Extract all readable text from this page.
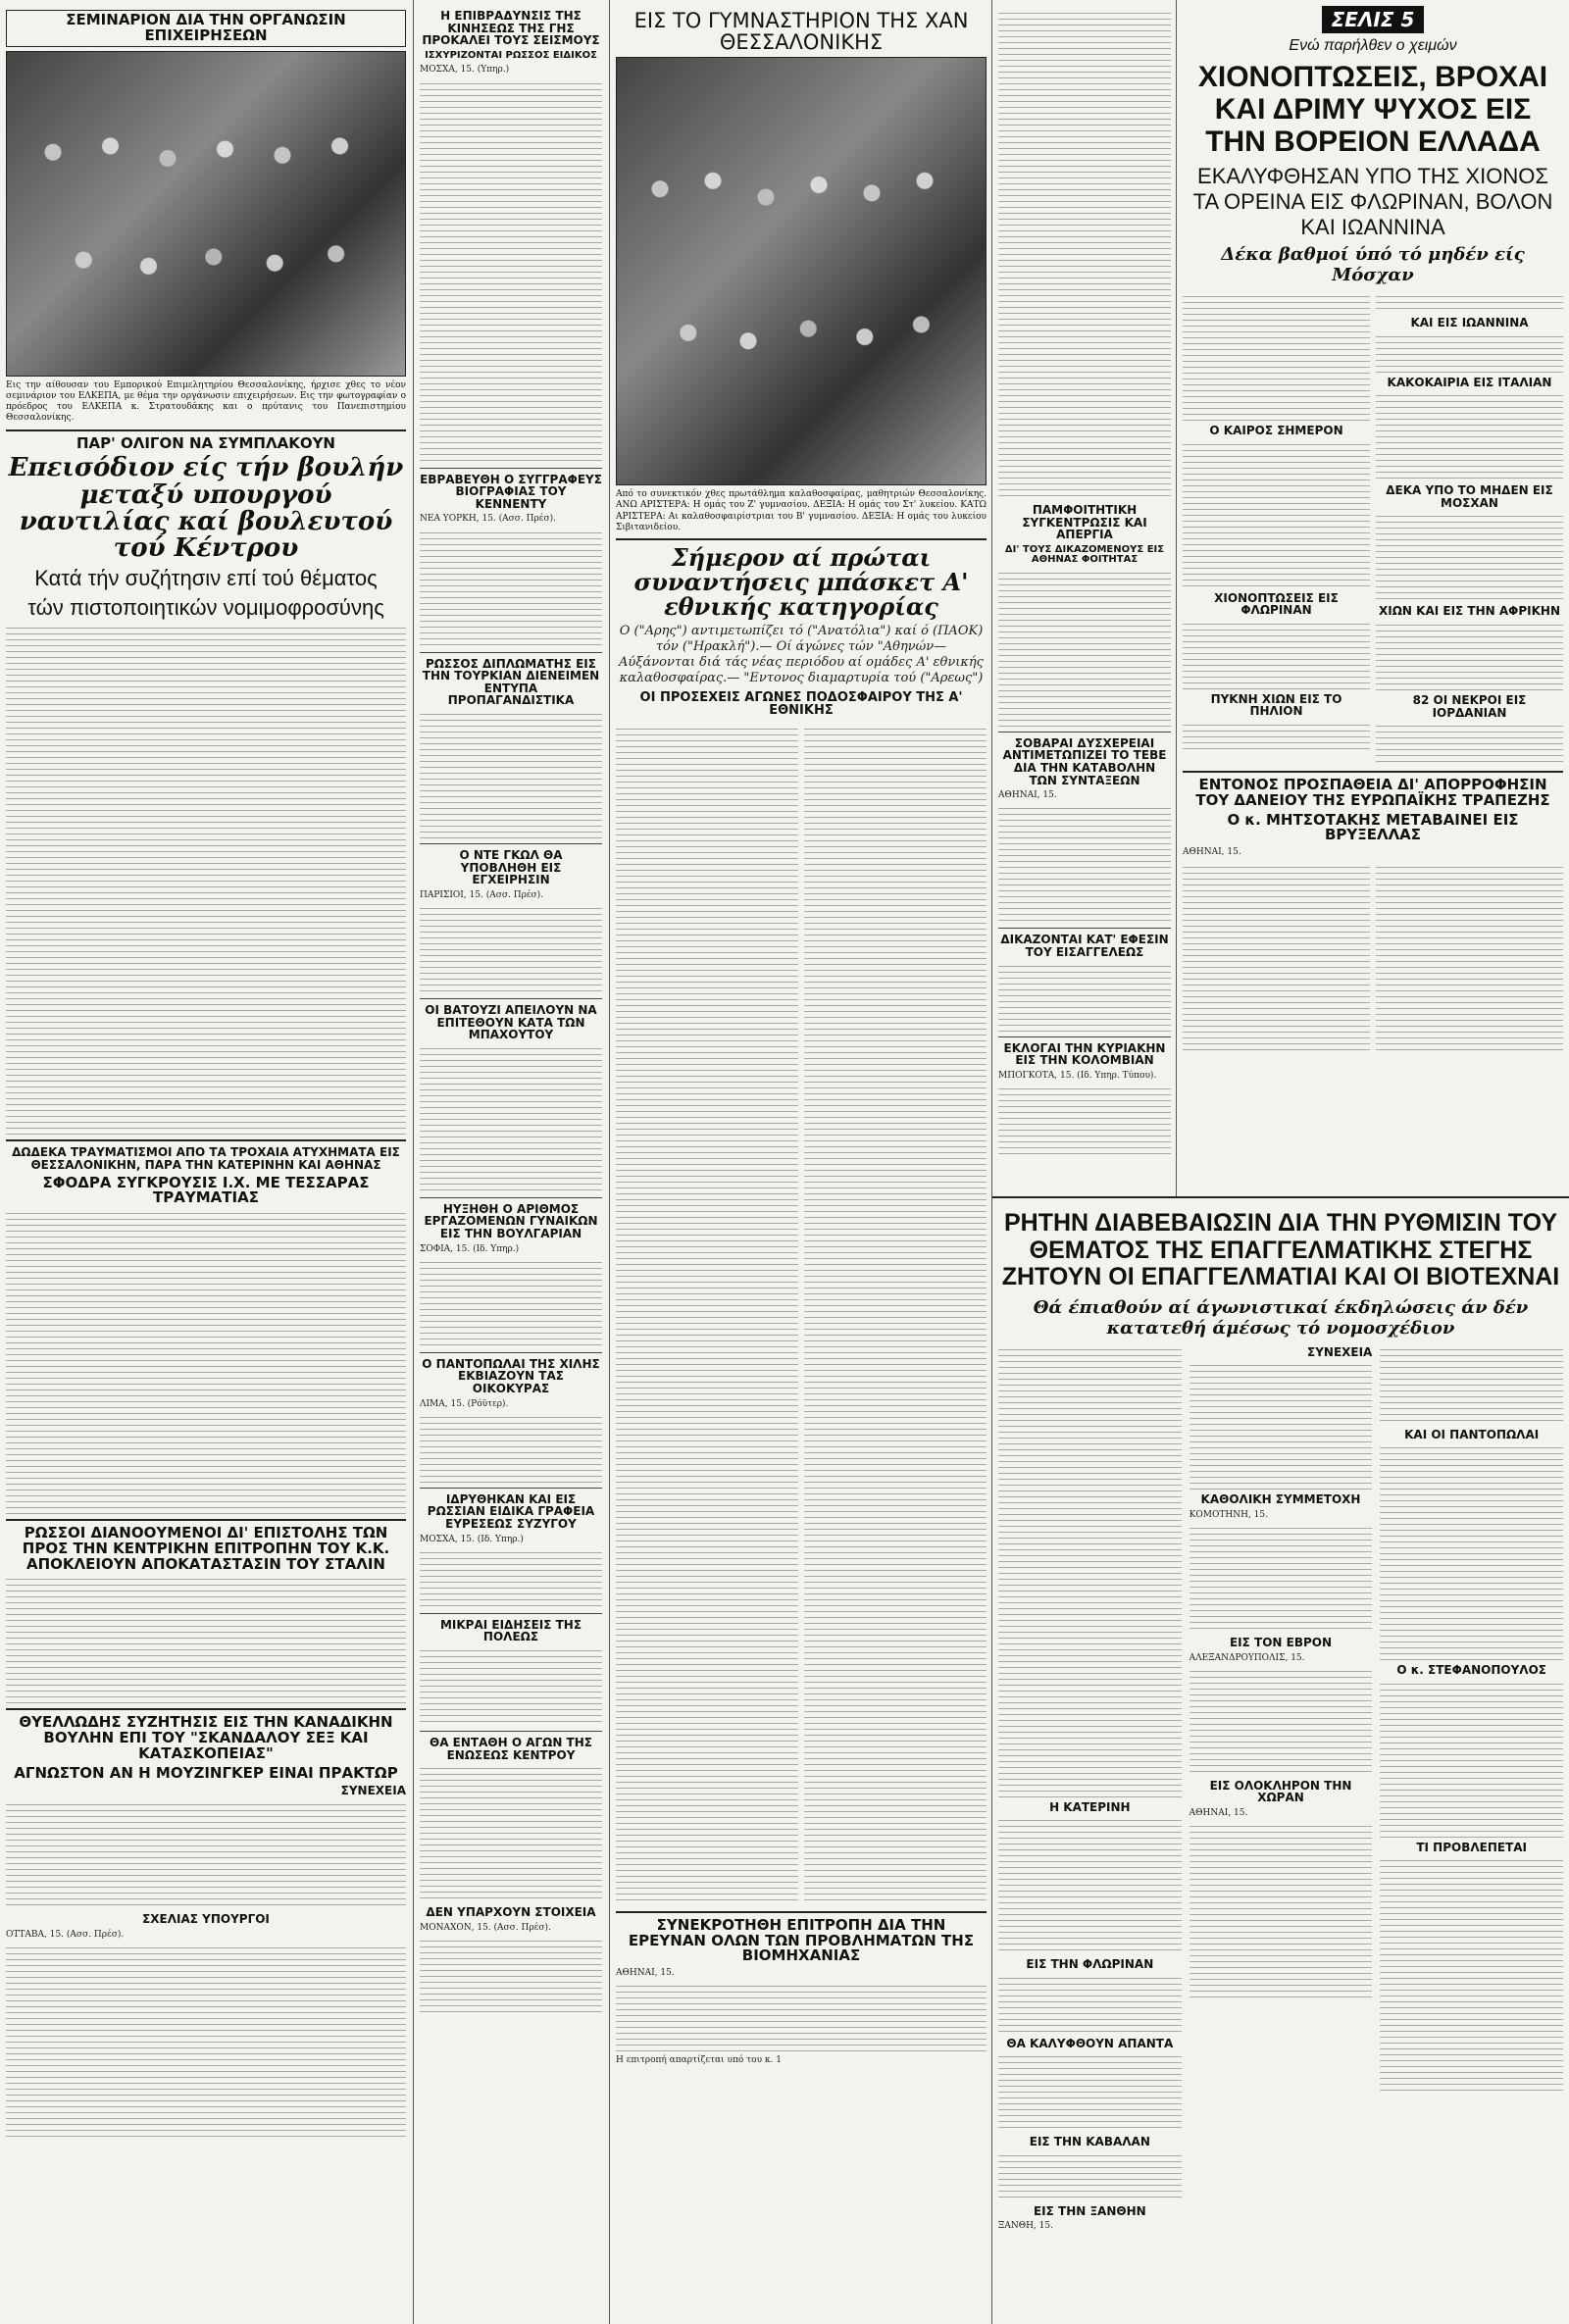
ΣΕΜΙΝΑΡΙΟΝ ΔΙΑ ΤΗΝ ΟΡΓΑΝΩΣΙΝ ΕΠΙΧΕΙΡΗΣΕΩΝ
Εις την αίθουσαν του Εμπορικού Επιμελητηρίου Θεσσαλονίκης, ήρχισε χθες το νέον σεμινάριον του ΕΛΚΕΠΑ, με θέμα την οργάνωσιν επιχειρήσεων. Εις την φωτογραφίαν ο πρόεδρος του ΕΛΚΕΠΑ κ. Στρατουδάκης και ο πρύτανις του Πανεπιστημίου Θεσσαλονίκης.
ΠΑΡ' ΟΛΙΓΟΝ ΝΑ ΣΥΜΠΛΑΚΟΥΝ
Επεισόδιον είς τήν βουλήν μεταξύ υπουργού ναυτιλίας καί βουλευτού τού Κέντρου
Κατά τήν συζήτησιν επί τού θέματος
τών πιστοποιητικών νομιμοφροσύνης
ΔΩΔΕΚΑ ΤΡΑΥΜΑΤΙΣΜΟΙ ΑΠΟ ΤΑ ΤΡΟΧΑΙΑ ΑΤΥΧΗΜΑΤΑ ΕΙΣ ΘΕΣΣΑΛΟΝΙΚΗΝ, ΠΑΡΑ ΤΗΝ ΚΑΤΕΡΙΝΗΝ ΚΑΙ ΑΘΗΝΑΣ
ΣΦΟΔΡΑ ΣΥΓΚΡΟΥΣΙΣ Ι.Χ. ΜΕ ΤΕΣΣΑΡΑΣ ΤΡΑΥΜΑΤΙΑΣ
ΡΩΣΣΟΙ ΔΙΑΝΟΟΥΜΕΝΟΙ ΔΙ' ΕΠΙΣΤΟΛΗΣ ΤΩΝ ΠΡΟΣ ΤΗΝ ΚΕΝΤΡΙΚΗΝ ΕΠΙΤΡΟΠΗΝ ΤΟΥ Κ.Κ. ΑΠΟΚΛΕΙΟΥΝ ΑΠΟΚΑΤΑΣΤΑΣΙΝ ΤΟΥ ΣΤΑΛΙΝ
ΘΥΕΛΛΩΔΗΣ ΣΥΖΗΤΗΣΙΣ ΕΙΣ ΤΗΝ ΚΑΝΑΔΙΚΗΝ ΒΟΥΛΗΝ ΕΠΙ ΤΟΥ "ΣΚΑΝΔΑΛΟΥ ΣΕΞ ΚΑΙ ΚΑΤΑΣΚΟΠΕΙΑΣ"
ΑΓΝΩΣΤΟΝ ΑΝ Η ΜΟΥΖΙΝΓΚΕΡ ΕΙΝΑΙ ΠΡΑΚΤΩΡ
ΣΥΝΕΧΕΙΑ
ΣΧΕΛΙΑΣ ΥΠΟΥΡΓΟΙ
ΟΤΤΑΒΑ, 15. (Ασσ. Πρέσ).
Η ΕΠΙΒΡΑΔΥΝΣΙΣ ΤΗΣ ΚΙΝΗΣΕΩΣ ΤΗΣ ΓΗΣ ΠΡΟΚΑΛΕΙ ΤΟΥΣ ΣΕΙΣΜΟΥΣ
ΙΣΧΥΡΙΖΟΝΤΑΙ ΡΩΣΣΟΣ ΕΙΔΙΚΟΣ
ΜΟΣΧΑ, 15. (Υπηρ.)
ΕΒΡΑΒΕΥΘΗ Ο ΣΥΓΓΡΑΦΕΥΣ ΒΙΟΓΡΑΦΙΑΣ ΤΟΥ ΚΕΝΝΕΝΤΥ
ΝΕΑ ΥΟΡΚΗ, 15. (Ασσ. Πρέσ).
ΡΩΣΣΟΣ ΔΙΠΛΩΜΑΤΗΣ ΕΙΣ ΤΗΝ ΤΟΥΡΚΙΑΝ ΔΙΕΝΕΙΜΕΝ ΕΝΤΥΠΑ ΠΡΟΠΑΓΑΝΔΙΣΤΙΚΑ
Ο ΝΤΕ ΓΚΩΛ ΘΑ ΥΠΟΒΛΗΘΗ ΕΙΣ ΕΓΧΕΙΡΗΣΙΝ
ΠΑΡΙΣΙΟΙ, 15. (Ασσ. Πρέσ).
ΟΙ ΒΑΤΟΥΖΙ ΑΠΕΙΛΟΥΝ ΝΑ ΕΠΙΤΕΘΟΥΝ ΚΑΤΑ ΤΩΝ ΜΠΑΧΟΥΤΟΥ
ΗΥΞΗΘΗ Ο ΑΡΙΘΜΟΣ ΕΡΓΑΖΟΜΕΝΩΝ ΓΥΝΑΙΚΩΝ ΕΙΣ ΤΗΝ ΒΟΥΛΓΑΡΙΑΝ
ΣΟΦΙΑ, 15. (Ιδ. Υπηρ.)
Ο ΠΑΝΤΟΠΩΛΑΙ ΤΗΣ ΧΙΛΗΣ ΕΚΒΙΑΖΟΥΝ ΤΑΣ ΟΙΚΟΚΥΡΑΣ
ΛΙΜΑ, 15. (Ρόϋτερ).
ΙΔΡΥΘΗΚΑΝ ΚΑΙ ΕΙΣ ΡΩΣΣΙΑΝ ΕΙΔΙΚΑ ΓΡΑΦΕΙΑ ΕΥΡΕΣΕΩΣ ΣΥΖΥΓΟΥ
ΜΟΣΧΑ, 15. (Ιδ. Υπηρ.)
ΜΙΚΡΑΙ ΕΙΔΗΣΕΙΣ ΤΗΣ ΠΟΛΕΩΣ
ΘΑ ΕΝΤΑΘΗ Ο ΑΓΩΝ ΤΗΣ ΕΝΩΣΕΩΣ ΚΕΝΤΡΟΥ
ΔΕΝ ΥΠΑΡΧΟΥΝ ΣΤΟΙΧΕΙΑ
ΜΟΝΑΧΟΝ, 15. (Ασσ. Πρέσ).
ΕΙΣ ΤΟ ΓΥΜΝΑΣΤΗΡΙΟΝ ΤΗΣ ΧΑΝ ΘΕΣΣΑΛΟΝΙΚΗΣ
Από το συνεκτικόν χθες πρωτάθλημα καλαθοσφαίρας, μαθητριών Θεσσαλονίκης. ΑΝΩ ΑΡΙΣΤΕΡΑ: Η ομάς του Ζ' γυμνασίου. ΔΕΞΙΑ: Η ομάς του Στ' λυκείου. ΚΑΤΩ ΑΡΙΣΤΕΡΑ: Αι καλαθοσφαιρίστριαι του Β' γυμνασίου. ΔΕΞΙΑ: Η ομάς του λυκείου Σιβιτανιδείου.
Σήμερον αί πρώται συναντήσεις μπάσκετ Α' εθνικής κατηγορίας
Ο ("Αρης") αντιμετωπίζει τό ("Ανατόλια") καί ό (ΠΑΟΚ) τόν ("Ηρακλή").— Οί άγώνες τών "Αθηνών— Αύξάνονται διά τάς νέας περιόδου αί ομάδες Α' εθνικής καλαθοσφαίρας.— "Εντονος διαμαρτυρία τού ("Αρεως")
ΟΙ ΠΡΟΣΕΧΕΙΣ ΑΓΩΝΕΣ ΠΟΔΟΣΦΑΙΡΟΥ ΤΗΣ Α' ΕΘΝΙΚΗΣ
ΣΥΝΕΚΡΟΤΗΘΗ ΕΠΙΤΡΟΠΗ ΔΙΑ ΤΗΝ ΕΡΕΥΝΑΝ ΟΛΩΝ ΤΩΝ ΠΡΟΒΛΗΜΑΤΩΝ ΤΗΣ ΒΙΟΜΗΧΑΝΙΑΣ
ΑΘΗΝΑΙ, 15.
Η επιτροπή απαρτίζεται υπό του κ. 1
ΠΑΜΦΟΙΤΗΤΙΚΗ ΣΥΓΚΕΝΤΡΩΣΙΣ ΚΑΙ ΑΠΕΡΓΙΑ
ΔΙ' ΤΟΥΣ ΔΙΚΑΖΟΜΕΝΟΥΣ ΕΙΣ ΑΘΗΝΑΣ ΦΟΙΤΗΤΑΣ
ΣΟΒΑΡΑΙ ΔΥΣΧΕΡΕΙΑΙ ΑΝΤΙΜΕΤΩΠΙΖΕΙ ΤΟ ΤΕΒΕ ΔΙΑ ΤΗΝ ΚΑΤΑΒΟΛΗΝ ΤΩΝ ΣΥΝΤΑΞΕΩΝ
ΑΘΗΝΑΙ, 15.
ΔΙΚΑΖΟΝΤΑΙ ΚΑΤ' ΕΦΕΣΙΝ ΤΟΥ ΕΙΣΑΓΓΕΛΕΩΣ
ΕΚΛΟΓΑΙ ΤΗΝ ΚΥΡΙΑΚΗΝ ΕΙΣ ΤΗΝ ΚΟΛΟΜΒΙΑΝ
ΜΠΟΓΚΟΤΑ, 15. (Ιδ. Υπηρ. Τύπου).
ΣΕΛΙΣ 5
Ενώ παρήλθεν ο χειμών
ΧΙΟΝΟΠΤΩΣΕΙΣ, ΒΡΟΧΑΙ ΚΑΙ ΔΡΙΜΥ ΨΥΧΟΣ ΕΙΣ ΤΗΝ ΒΟΡΕΙΟΝ ΕΛΛΑΔΑ
ΕΚΑΛΥΦΘΗΣΑΝ ΥΠΟ ΤΗΣ ΧΙΟΝΟΣ ΤΑ ΟΡΕΙΝΑ ΕΙΣ ΦΛΩΡΙΝΑΝ, ΒΟΛΟΝ ΚΑΙ ΙΩΑΝΝΙΝΑ
Δέκα βαθμοί ύπό τό μηδέν είς Μόσχαν
Ο ΚΑΙΡΟΣ ΣΗΜΕΡΟΝ
ΧΙΟΝΟΠΤΩΣΕΙΣ ΕΙΣ ΦΛΩΡΙΝΑΝ
ΠΥΚΝΗ ΧΙΩΝ ΕΙΣ ΤΟ ΠΗΛΙΟΝ
ΚΑΙ ΕΙΣ ΙΩΑΝΝΙΝΑ
ΚΑΚΟΚΑΙΡΙΑ ΕΙΣ ΙΤΑΛΙΑΝ
ΔΕΚΑ ΥΠΟ ΤΟ ΜΗΔΕΝ ΕΙΣ ΜΟΣΧΑΝ
ΧΙΩΝ ΚΑΙ ΕΙΣ ΤΗΝ ΑΦΡΙΚΗΝ
82 ΟΙ ΝΕΚΡΟΙ ΕΙΣ ΙΟΡΔΑΝΙΑΝ
ΕΝΤΟΝΟΣ ΠΡΟΣΠΑΘΕΙΑ ΔΙ' ΑΠΟΡΡΟΦΗΣΙΝ ΤΟΥ ΔΑΝΕΙΟΥ ΤΗΣ ΕΥΡΩΠΑΪΚΗΣ ΤΡΑΠΕΖΗΣ
Ο κ. ΜΗΤΣΟΤΑΚΗΣ ΜΕΤΑΒΑΙΝΕΙ ΕΙΣ ΒΡΥΞΕΛΛΑΣ
ΑΘΗΝΑΙ, 15.
ΡΗΤΗΝ ΔΙΑΒΕΒΑΙΩΣΙΝ ΔΙΑ ΤΗΝ ΡΥΘΜΙΣΙΝ ΤΟΥ ΘΕΜΑΤΟΣ ΤΗΣ ΕΠΑΓΓΕΛΜΑΤΙΚΗΣ ΣΤΕΓΗΣ ΖΗΤΟΥΝ ΟΙ ΕΠΑΓΓΕΛΜΑΤΙΑΙ ΚΑΙ ΟΙ ΒΙΟΤΕΧΝΑΙ
Θά έπιαθούν αί άγωνιστικαί έκδηλώσεις άν δέν κατατεθή άμέσως τό νομοσχέδιον
Η ΚΑΤΕΡΙΝΗ
ΕΙΣ ΤΗΝ ΦΛΩΡΙΝΑΝ
ΘΑ ΚΑΛΥΦΘΟΥΝ ΑΠΑΝΤΑ
ΕΙΣ ΤΗΝ ΚΑΒΑΛΑΝ
ΕΙΣ ΤΗΝ ΞΑΝΘΗΝ
ΞΑΝΘΗ, 15.
ΣΥΝΕΧΕΙΑ
ΚΑΘΟΛΙΚΗ ΣΥΜΜΕΤΟΧΗ
ΚΟΜΟΤΗΝΗ, 15.
ΕΙΣ ΤΟΝ ΕΒΡΟΝ
ΑΛΕΞΑΝΔΡΟΥΠΟΛΙΣ, 15.
ΕΙΣ ΟΛΟΚΛΗΡΟΝ ΤΗΝ ΧΩΡΑΝ
ΑΘΗΝΑΙ, 15.
ΚΑΙ ΟΙ ΠΑΝΤΟΠΩΛΑΙ
Ο κ. ΣΤΕΦΑΝΟΠΟΥΛΟΣ
ΤΙ ΠΡΟΒΛΕΠΕΤΑΙ
